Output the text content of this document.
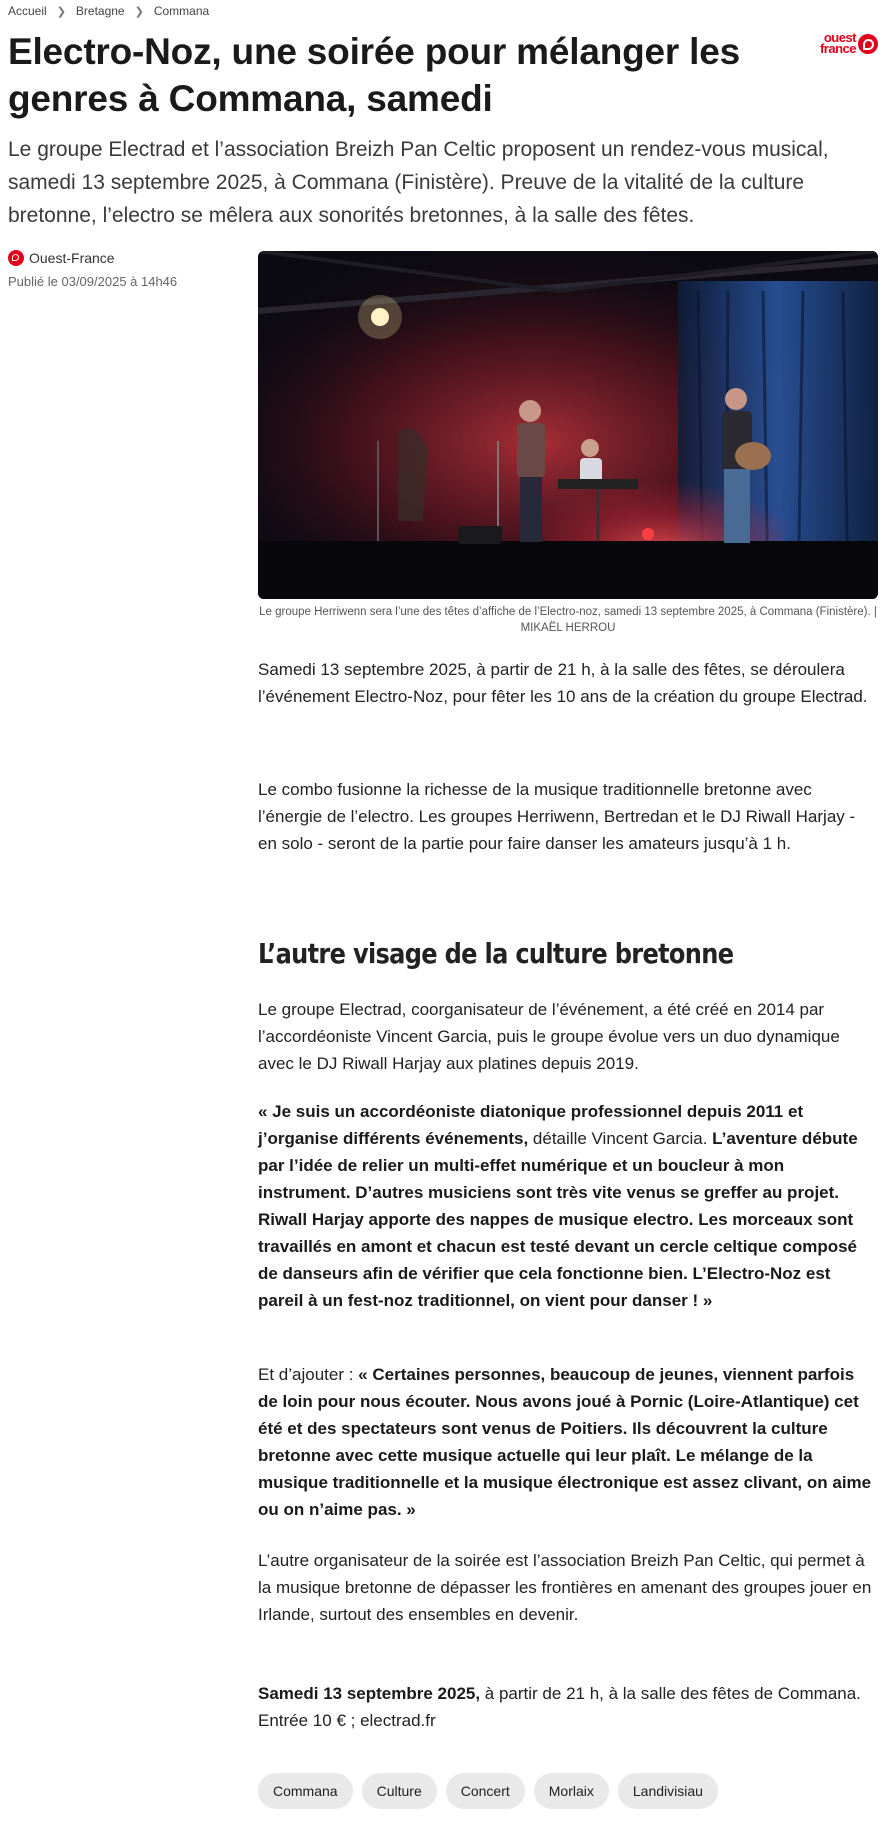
Accueil ❯ Bretagne ❯ Commana
ouest
france
Electro-Noz, une soirée pour mélanger les genres à Commana, samedi

Le groupe Electrad et l’association Breizh Pan Celtic proposent un rendez-vous musical, samedi 13 septembre 2025, à Commana (Finistère). Preuve de la vitalité de la culture bretonne, l’electro se mêlera aux sonorités bretonnes, à la salle des fêtes.

Ouest-France
Publié le 03/09/2025 à 14h46

Le groupe Herriwenn sera l’une des têtes d’affiche de l’Electro-noz, samedi 13 septembre 2025, à Commana (Finistère). | MIKAËL HERROU

Samedi 13 septembre 2025, à partir de 21 h, à la salle des fêtes, se déroulera l’événement Electro-Noz, pour fêter les 10 ans de la création du groupe Electrad.

Le combo fusionne la richesse de la musique traditionnelle bretonne avec l’énergie de l’electro. Les groupes Herriwenn, Bertredan et le DJ Riwall Harjay - en solo - seront de la partie pour faire danser les amateurs jusqu’à 1 h.

L’autre visage de la culture bretonne

Le groupe Electrad, coorganisateur de l’événement, a été créé en 2014 par l’accordéoniste Vincent Garcia, puis le groupe évolue vers un duo dynamique avec le DJ Riwall Harjay aux platines depuis 2019.

« Je suis un accordéoniste diatonique professionnel depuis 2011 et j’organise différents événements, détaille Vincent Garcia. L’aventure débute par l’idée de relier un multi-effet numérique et un boucleur à mon instrument. D’autres musiciens sont très vite venus se greffer au projet. Riwall Harjay apporte des nappes de musique electro. Les morceaux sont travaillés en amont et chacun est testé devant un cercle celtique composé de danseurs afin de vérifier que cela fonctionne bien. L’Electro-Noz est pareil à un fest-noz traditionnel, on vient pour danser ! »

Et d’ajouter : « Certaines personnes, beaucoup de jeunes, viennent parfois de loin pour nous écouter. Nous avons joué à Pornic (Loire-Atlantique) cet été et des spectateurs sont venus de Poitiers. Ils découvrent la culture bretonne avec cette musique actuelle qui leur plaît. Le mélange de la musique traditionnelle et la musique électronique est assez clivant, on aime ou on n’aime pas. »

L’autre organisateur de la soirée est l’association Breizh Pan Celtic, qui permet à la musique bretonne de dépasser les frontières en amenant des groupes jouer en Irlande, surtout des ensembles en devenir.

Samedi 13 septembre 2025, à partir de 21 h, à la salle des fêtes de Commana. Entrée 10 € ; electrad.fr

Commana	Culture	Concert	Morlaix	Landivisiau
